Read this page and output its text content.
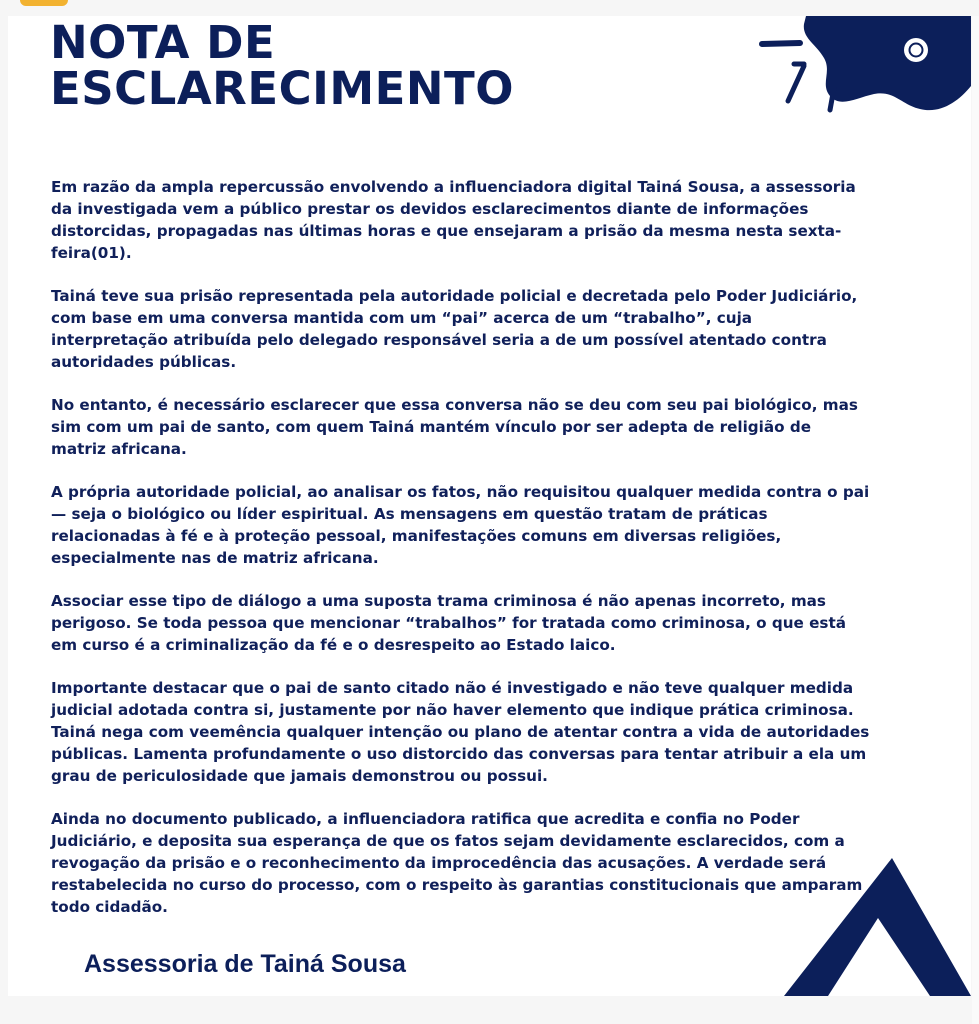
NOTA DE
ESCLARECIMENTO

Em razão da ampla repercussão envolvendo a influenciadora digital Tainá Sousa, a assessoria da investigada vem a público prestar os devidos esclarecimentos diante de informações distorcidas, propagadas nas últimas horas e que ensejaram a prisão da mesma nesta sexta-feira(01).

Tainá teve sua prisão representada pela autoridade policial e decretada pelo Poder Judiciário, com base em uma conversa mantida com um “pai” acerca de um “trabalho”, cuja interpretação atribuída pelo delegado responsável seria a de um possível atentado contra autoridades públicas.

No entanto, é necessário esclarecer que essa conversa não se deu com seu pai biológico, mas sim com um pai de santo, com quem Tainá mantém vínculo por ser adepta de religião de matriz africana.

A própria autoridade policial, ao analisar os fatos, não requisitou qualquer medida contra o pai — seja o biológico ou líder espiritual. As mensagens em questão tratam de práticas relacionadas à fé e à proteção pessoal, manifestações comuns em diversas religiões, especialmente nas de matriz africana.

Associar esse tipo de diálogo a uma suposta trama criminosa é não apenas incorreto, mas perigoso. Se toda pessoa que mencionar “trabalhos” for tratada como criminosa, o que está em curso é a criminalização da fé e o desrespeito ao Estado laico.

Importante destacar que o pai de santo citado não é investigado e não teve qualquer medida judicial adotada contra si, justamente por não haver elemento que indique prática criminosa. Tainá nega com veemência qualquer intenção ou plano de atentar contra a vida de autoridades públicas. Lamenta profundamente o uso distorcido das conversas para tentar atribuir a ela um grau de periculosidade que jamais demonstrou ou possui.

Ainda no documento publicado, a influenciadora ratifica que acredita e confia no Poder Judiciário, e deposita sua esperança de que os fatos sejam devidamente esclarecidos, com a revogação da prisão e o reconhecimento da improcedência das acusações. A verdade será restabelecida no curso do processo, com o respeito às garantias constitucionais que amparam todo cidadão.

Assessoria de Tainá Sousa
